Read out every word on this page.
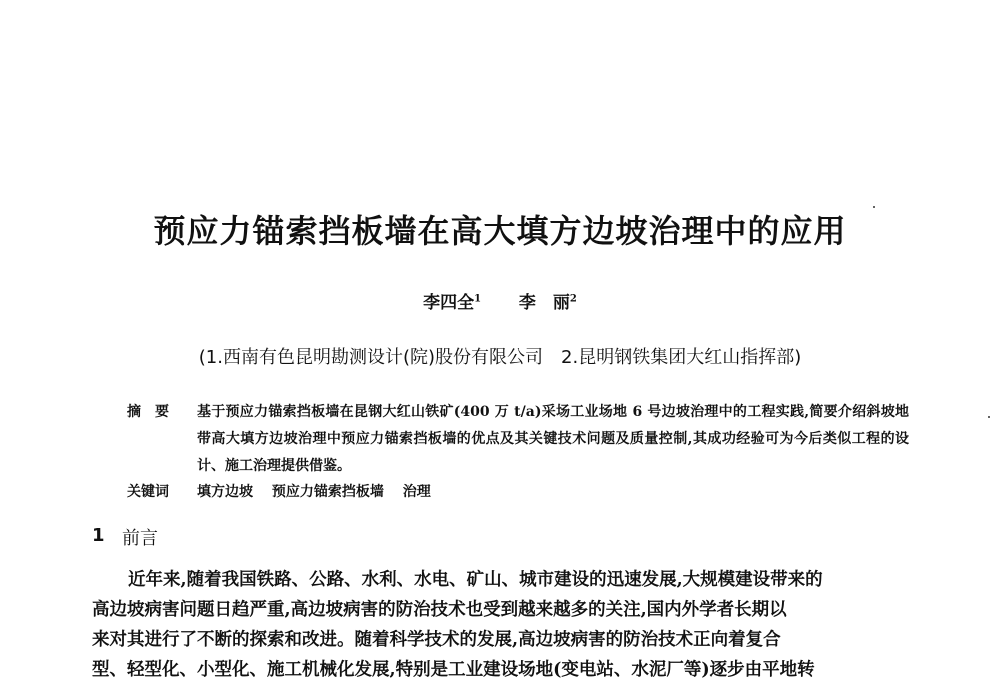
预应力锚索挡板墙在高大填方边坡治理中的应用
李四全$^1$ 李　丽$^2$
(1.西南有色昆明勘测设计(院)股份有限公司　2.昆明钢铁集团大红山指挥部)
摘要 基于预应力锚索挡板墙在昆钢大红山铁矿(400 万 t/a)采场工业场地 6 号边坡治理中的工程实践,简要介绍斜坡地带高大填方边坡治理中预应力锚索挡板墙的优点及其关键技术问题及质量控制,其成功经验可为今后类似工程的设计、施工治理提供借鉴。
关键词 填方边坡 预应力锚索挡板墙 治理
1 前言
近年来,随着我国铁路、公路、水利、水电、矿山、城市建设的迅速发展,大规模建设带来的
高边坡病害问题日趋严重,高边坡病害的防治技术也受到越来越多的关注,国内外学者长期以
来对其进行了不断的探索和改进。随着科学技术的发展,高边坡病害的防治技术正向着复合
型、轻型化、小型化、施工机械化发展,特别是工业建设场地(变电站、水泥厂等)逐步由平地转
